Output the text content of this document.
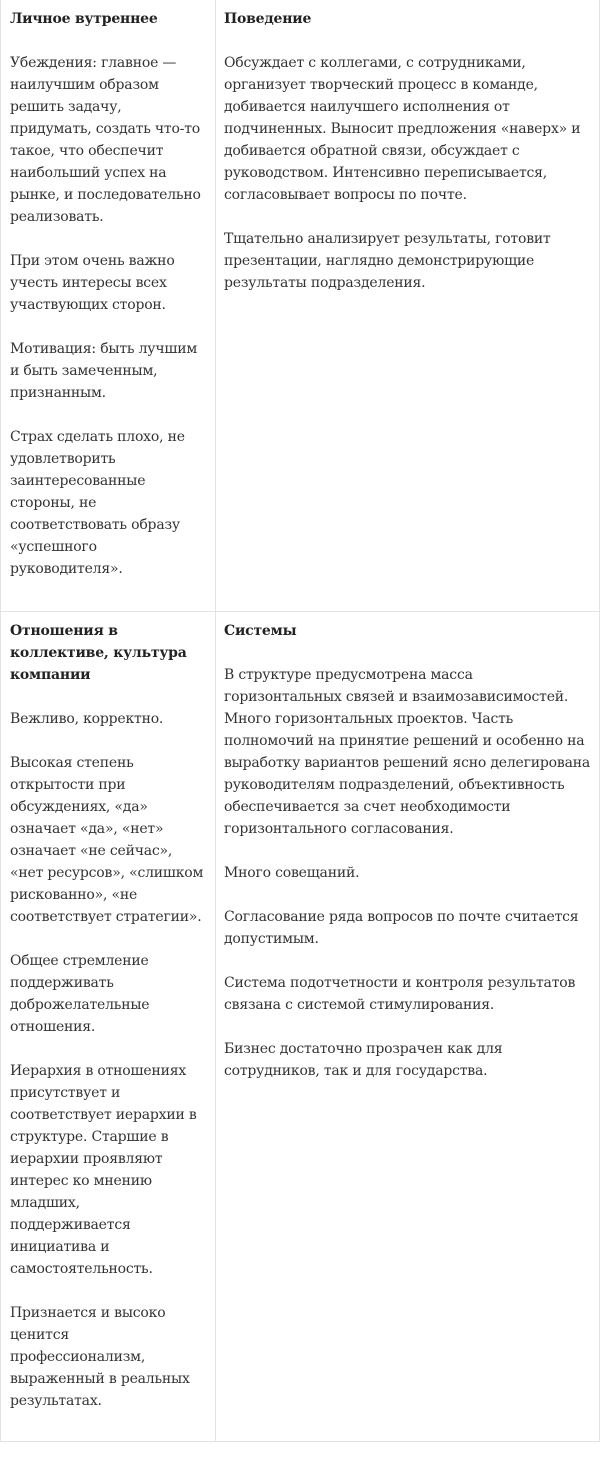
Личное вутреннее

Убеждения: главное — наилучшим образом решить задачу, придумать, создать что-то такое, что обеспечит наибольший успех на рынке, и последовательно реализовать.

При этом очень важно учесть интересы всех участвующих сторон.

Мотивация: быть лучшим и быть замеченным, признанным.

Страх сделать плохо, не удовлетворить заинтересованные стороны, не соответствовать образу «успешного руководителя».

Поведение

Обсуждает с коллегами, с сотрудниками, организует творческий процесс в команде, добивается наилучшего исполнения от подчиненных. Выносит предложения «наверх» и добивается обратной связи, обсуждает с руководством. Интенсивно переписывается, согласовывает вопросы по почте.

Тщательно анализирует результаты, готовит презентации, наглядно демонстрирующие результаты подразделения.

Отношения в коллективе, культура компании

Вежливо, корректно.

Высокая степень открытости при обсуждениях, «да» означает «да», «нет» означает «не сейчас», «нет ресурсов», «слишком рискованно», «не соответствует стратегии».

Общее стремление поддерживать доброжелательные отношения.

Иерархия в отношениях присутствует и соответствует иерархии в структуре. Старшие в иерархии проявляют интерес ко мнению младших, поддерживается инициатива и самостоятельность.

Признается и высоко ценится профессионализм, выраженный в реальных результатах.

Системы

В структуре предусмотрена масса горизонтальных связей и взаимозависимостей. Много горизонтальных проектов. Часть полномочий на принятие решений и особенно на выработку вариантов решений ясно делегирована руководителям подразделений, объективность обеспечивается за счет необходимости горизонтального согласования.

Много совещаний.

Согласование ряда вопросов по почте считается допустимым.

Система подотчетности и контроля результатов связана с системой стимулирования.

Бизнес достаточно прозрачен как для сотрудников, так и для государства.
